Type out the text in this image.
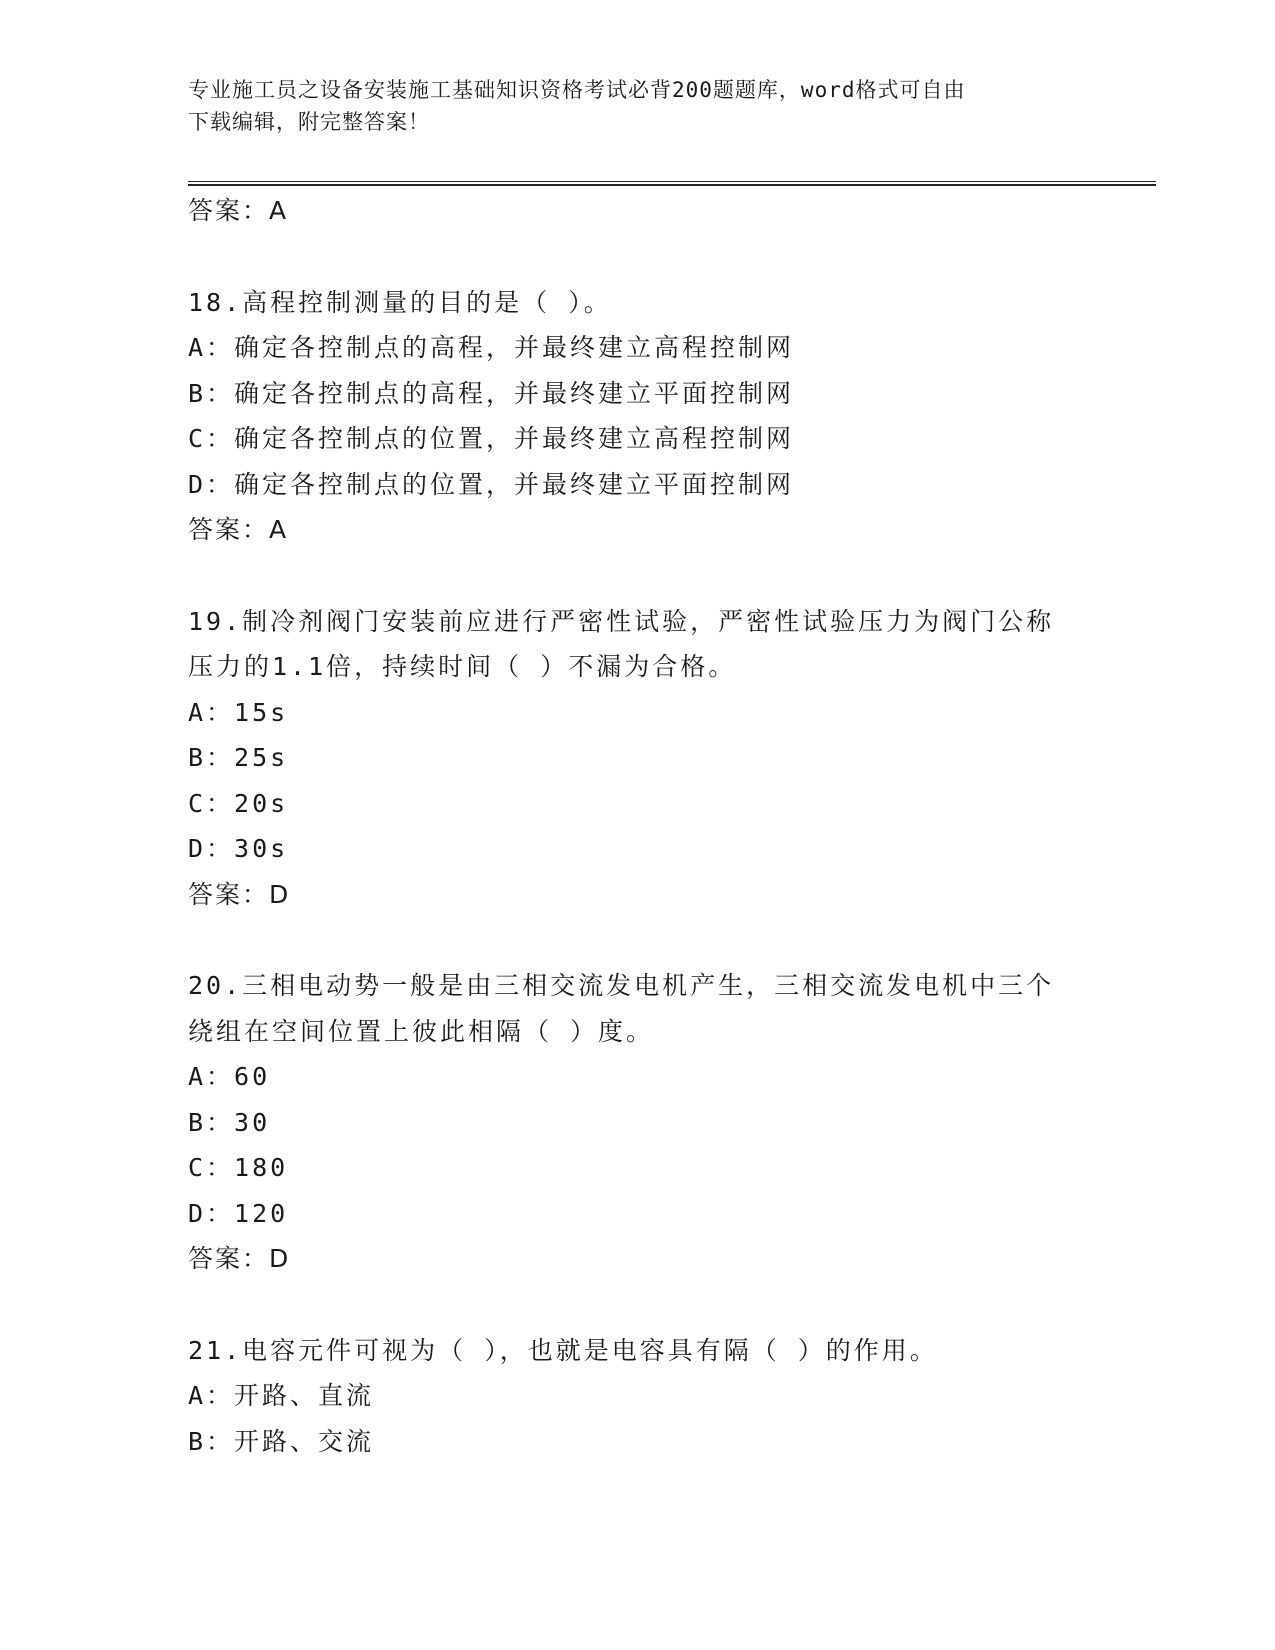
专业施工员之设备安装施工基础知识资格考试必背200题题库，word格式可自由
下载编辑，附完整答案！
答案：A
18.高程控制测量的目的是（ ）。
A：确定各控制点的高程，并最终建立高程控制网
B：确定各控制点的高程，并最终建立平面控制网
C：确定各控制点的位置，并最终建立高程控制网
D：确定各控制点的位置，并最终建立平面控制网
答案：A
19.制冷剂阀门安装前应进行严密性试验，严密性试验压力为阀门公称
压力的1.1倍，持续时间（ ）不漏为合格。
A：15s
B：25s
C：20s
D：30s
答案：D
20.三相电动势一般是由三相交流发电机产生，三相交流发电机中三个
绕组在空间位置上彼此相隔（ ）度。
A：60
B：30
C：180
D：120
答案：D
21.电容元件可视为（ ），也就是电容具有隔（ ）的作用。
A：开路、直流
B：开路、交流
